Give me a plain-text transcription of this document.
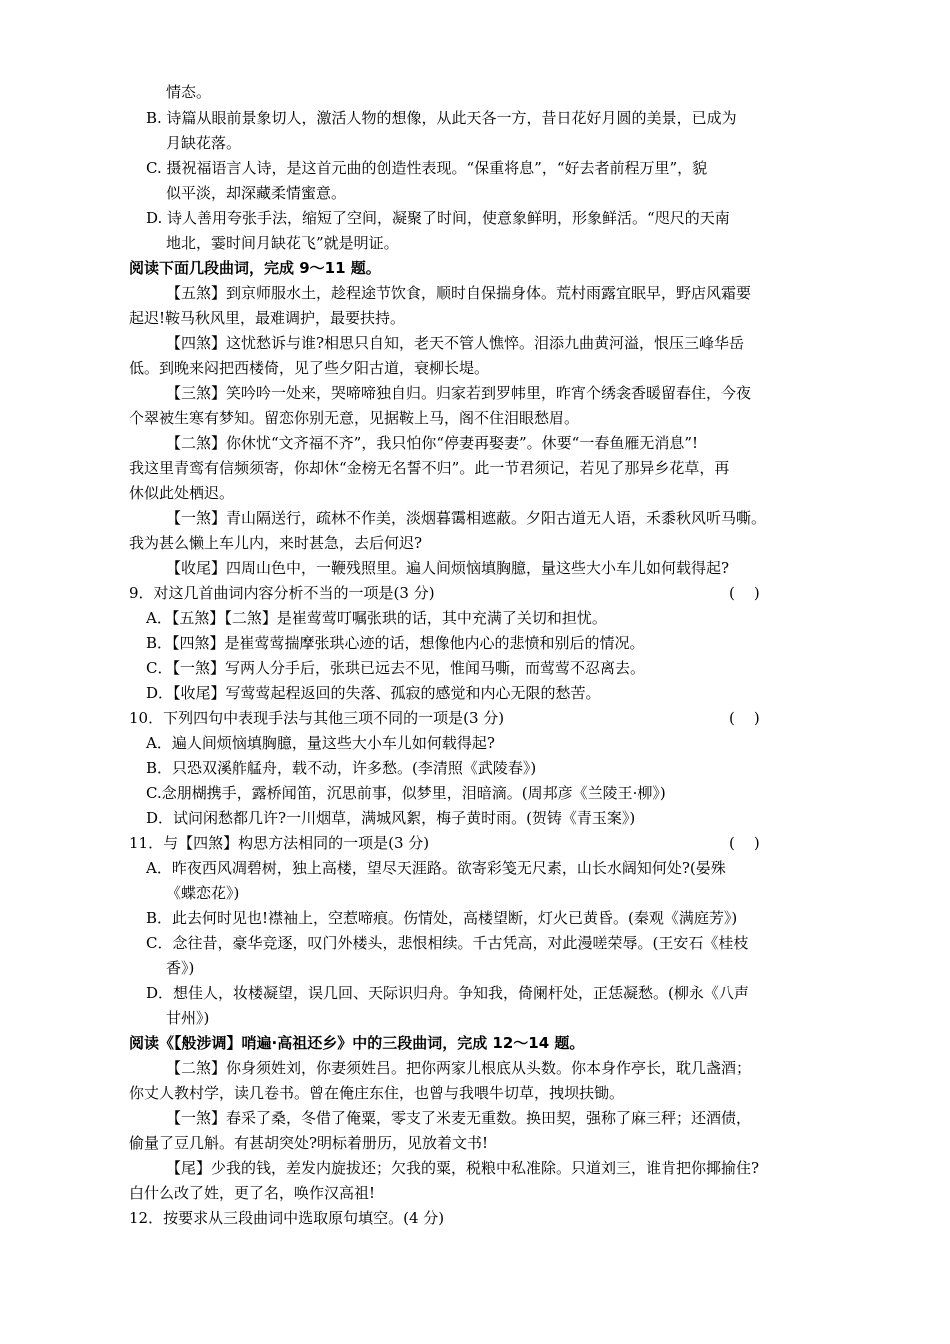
情态。
B. 诗篇从眼前景象切人，激活人物的想像，从此天各一方，昔日花好月圆的美景，已成为
月缺花落。
C. 摄祝福语言人诗，是这首元曲的创造性表现。“保重将息”，“好去者前程万里”，貌
似平淡，却深藏柔情蜜意。
D. 诗人善用夸张手法，缩短了空间，凝聚了时间，使意象鲜明，形象鲜活。“咫尺的天南
地北，霎时间月缺花飞”就是明证。
阅读下面几段曲词，完成 9～11 题。
【五煞】到京师服水土，趁程途节饮食，顺时自保揣身体。荒村雨露宜眠早，野店风霜要
起迟!鞍马秋风里，最难调护，最要扶持。
【四煞】这忧愁诉与谁?相思只自知，老天不管人憔悴。泪添九曲黄河溢，恨压三峰华岳
低。到晚来闷把西楼倚，见了些夕阳古道，衰柳长堤。
【三煞】笑吟吟一处来，哭啼啼独自归。归家若到罗帏里，昨宵个绣衾香暖留春住，今夜
个翠被生寒有梦知。留恋你别无意，见据鞍上马，阁不住泪眼愁眉。
【二煞】你休忧“文齐福不齐”，我只怕你“停妻再娶妻”。休要“一春鱼雁无消息”!
我这里青鸾有信频须寄，你却休“金榜无名誓不归”。此一节君须记，若见了那异乡花草，再
休似此处栖迟。
【一煞】青山隔送行，疏林不作美，淡烟暮霭相遮蔽。夕阳古道无人语，禾黍秋风听马嘶。
我为甚么懒上车儿内，来时甚急，去后何迟?
【收尾】四周山色中，一鞭残照里。遍人间烦恼填胸臆，量这些大小车儿如何载得起?
9．对这几首曲词内容分析不当的一项是(3 分)	(    )
A．【五煞】【二煞】是崔莺莺叮嘱张珙的话，其中充满了关切和担忧。
B．【四煞】是崔莺莺揣摩张珙心迹的话，想像他内心的悲愤和别后的情况。
C．【一煞】写两人分手后，张珙已远去不见，惟闻马嘶，而莺莺不忍离去。
D．【收尾】写莺莺起程返回的失落、孤寂的感觉和内心无限的愁苦。
10．下列四句中表现手法与其他三项不同的一项是(3 分)	(    )
A．遍人间烦恼填胸臆，量这些大小车儿如何载得起?
B．只恐双溪舴艋舟，载不动，许多愁。(李清照《武陵春》)
C.念朋楜携手，露桥闻笛，沉思前事，似梦里，泪暗滴。(周邦彦《兰陵王·柳》)
D．试问闲愁都几许?一川烟草，满城风絮，梅子黄时雨。(贺铸《青玉案》)
11．与【四煞】构思方法相同的一项是(3 分)	(    )
A．昨夜西风凋碧树，独上高楼，望尽天涯路。欲寄彩笺无尺素，山长水阔知何处?(晏殊
《蝶恋花》)
B．此去何时见也!襟袖上，空惹啼痕。伤情处，高楼望断，灯火已黄昏。(秦观《满庭芳》)
C．念往昔，豪华竞逐，叹门外楼头，悲恨相续。千古凭高，对此漫嗟荣辱。(王安石《桂枝
香》)
D．想佳人，妆楼凝望，误几回、天际识归舟。争知我，倚阑杆处，正恁凝愁。(柳永《八声
甘州》)
阅读《【般涉调】哨遍·高祖还乡》中的三段曲词，完成 12～14 题。
【二煞】你身须姓刘，你妻须姓吕。把你两家儿根底从头数。你本身作亭长，耽几盏酒；
你丈人教村学，读几卷书。曾在俺庄东住，也曾与我喂牛切草，拽坝扶锄。
【一煞】春采了桑，冬借了俺粟，零支了米麦无重数。换田契，强称了麻三秤；还酒债，
偷量了豆几斛。有甚胡突处?明标着册历，见放着文书!
【尾】少我的钱，差发内旋拔还；欠我的粟，税粮中私准除。只道刘三，谁肯把你揶揄住?
白什么改了姓，更了名，唤作汉高祖!
12．按要求从三段曲词中选取原句填空。(4 分)
